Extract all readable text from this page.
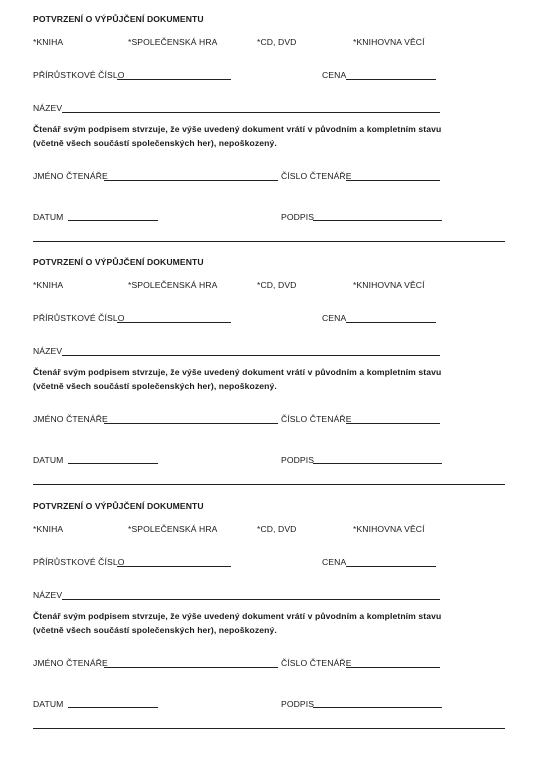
POTVRZENÍ O VÝPŮJČENÍ DOKUMENTU
*KNIHA	*SPOLEČENSKÁ HRA	*CD, DVD	*KNIHOVNA VĚCÍ
PŘÍRŮSTKOVÉ ČÍSLO	CENA
NÁZEV
Čtenář svým podpisem stvrzuje, že výše uvedený dokument vrátí v původním a kompletním stavu
(včetně všech součástí společenských her), nepoškozený.
JMÉNO ČTENÁŘE	ČÍSLO ČTENÁŘE
DATUM	PODPIS
POTVRZENÍ O VÝPŮJČENÍ DOKUMENTU
*KNIHA	*SPOLEČENSKÁ HRA	*CD, DVD	*KNIHOVNA VĚCÍ
PŘÍRŮSTKOVÉ ČÍSLO	CENA
NÁZEV
Čtenář svým podpisem stvrzuje, že výše uvedený dokument vrátí v původním a kompletním stavu
(včetně všech součástí společenských her), nepoškozený.
JMÉNO ČTENÁŘE	ČÍSLO ČTENÁŘE
DATUM	PODPIS
POTVRZENÍ O VÝPŮJČENÍ DOKUMENTU
*KNIHA	*SPOLEČENSKÁ HRA	*CD, DVD	*KNIHOVNA VĚCÍ
PŘÍRŮSTKOVÉ ČÍSLO	CENA
NÁZEV
Čtenář svým podpisem stvrzuje, že výše uvedený dokument vrátí v původním a kompletním stavu
(včetně všech součástí společenských her), nepoškozený.
JMÉNO ČTENÁŘE	ČÍSLO ČTENÁŘE
DATUM	PODPIS
